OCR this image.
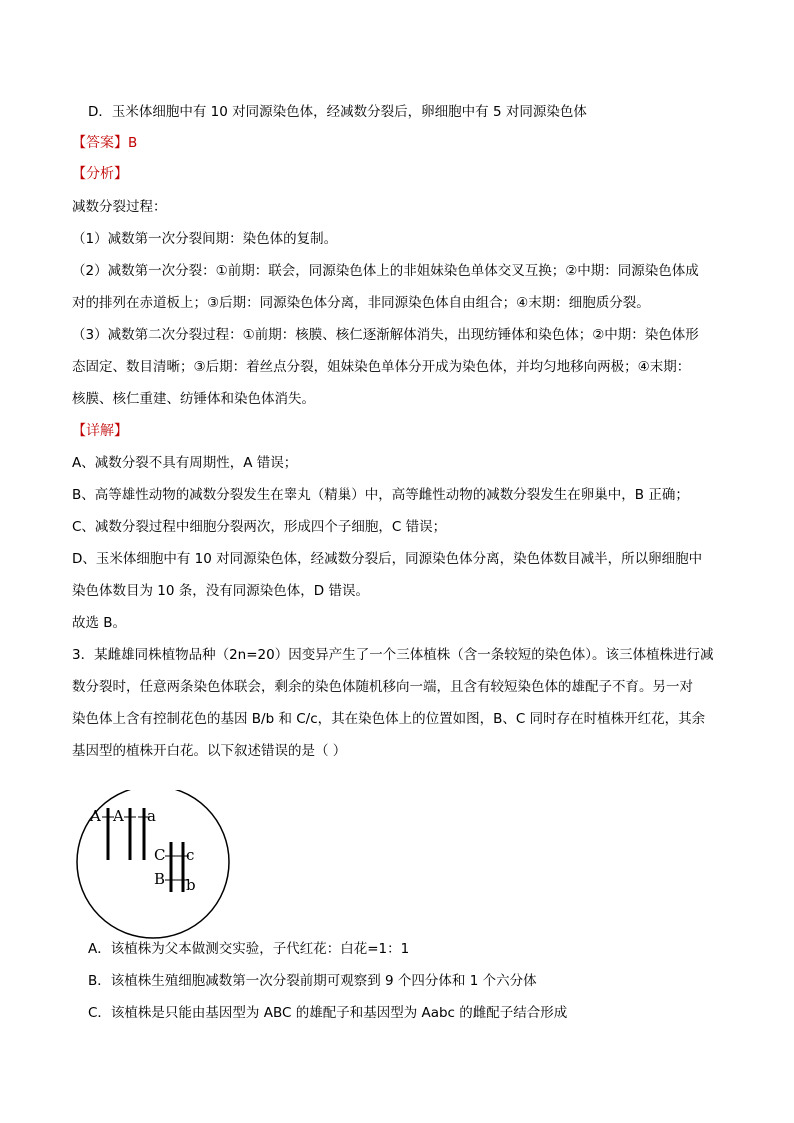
D．玉米体细胞中有 10 对同源染色体，经减数分裂后，卵细胞中有 5 对同源染色体
【答案】B
【分析】
减数分裂过程：
（1）减数第一次分裂间期：染色体的复制。
（2）减数第一次分裂：①前期：联会，同源染色体上的非姐妹染色单体交叉互换；②中期：同源染色体成
对的排列在赤道板上；③后期：同源染色体分离，非同源染色体自由组合；④末期：细胞质分裂。
（3）减数第二次分裂过程：①前期：核膜、核仁逐渐解体消失，出现纺锤体和染色体；②中期：染色体形
态固定、数目清晰；③后期：着丝点分裂，姐妹染色单体分开成为染色体，并均匀地移向两极；④末期：
核膜、核仁重建、纺锤体和染色体消失。
【详解】
A、减数分裂不具有周期性，A 错误；
B、高等雄性动物的减数分裂发生在睾丸（精巢）中，高等雌性动物的减数分裂发生在卵巢中，B 正确；
C、减数分裂过程中细胞分裂两次，形成四个子细胞，C 错误；
D、玉米体细胞中有 10 对同源染色体，经减数分裂后，同源染色体分离，染色体数目减半，所以卵细胞中
染色体数目为 10 条，没有同源染色体，D 错误。
故选 B。
3．某雌雄同株植物品种（2n=20）因变异产生了一个三体植株（含一条较短的染色体）。该三体植株进行减
数分裂时，任意两条染色体联会，剩余的染色体随机移向一端，且含有较短染色体的雄配子不育。另一对
染色体上含有控制花色的基因 B/b 和 C/c，其在染色体上的位置如图，B、C 同时存在时植株开红花，其余
基因型的植株开白花。以下叙述错误的是（ ）
A A a
C c
B b
A．该植株为父本做测交实验，子代红花：白花=1：1
B．该植株生殖细胞减数第一次分裂前期可观察到 9 个四分体和 1 个六分体
C．该植株是只能由基因型为 ABC 的雄配子和基因型为 Aabc 的雌配子结合形成
